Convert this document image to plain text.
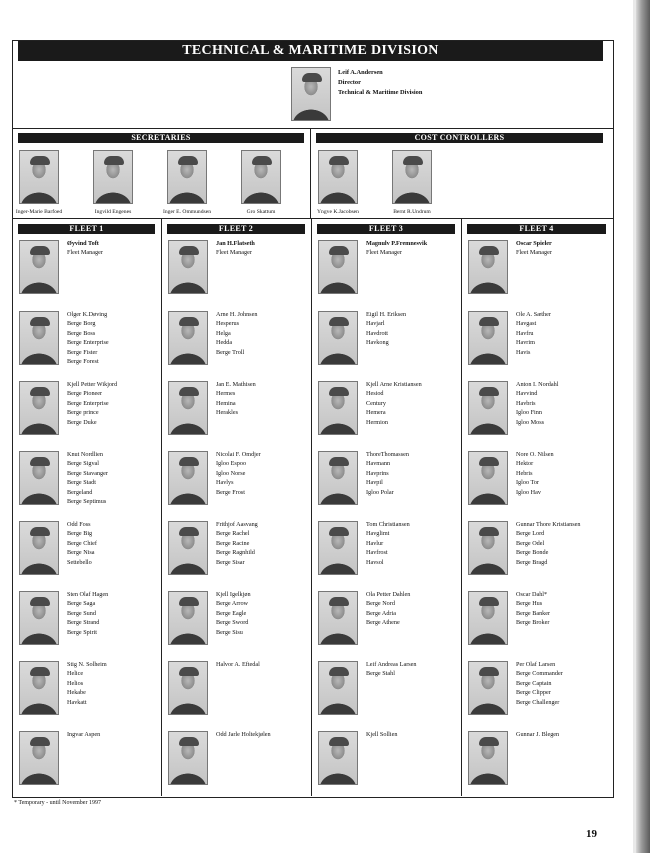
TECHNICAL & MARITIME DIVISION
Leif A.Andersen
Director
Technical & Maritime Division
SECRETARIES	COST CONTROLLERS
Inger-Marie Barfoed	Ingvild Engenes	Inger E. Ommundsen	Gro Skattum	Yngve K.Jacobsen	Bernt R.Undrum
FLEET 1
Øyvind Toft
Fleet Manager
Olger K.Døving
Berge Borg
Berge Boss
Berge Enterprise
Berge Fister
Berge Forest
Kjell Petter Wikjord
Berge Pioneer
Berge Enterprise
Berge prince
Berge Duke
Knut Nordlien
Berge Sigval
Berge Stavanger
Berge Stadt
Bergeland
Berge Septimus
Odd Foss
Berge Big
Berge Chief
Berge Nisa
Settebello
Sten Olaf Hagen
Berge Saga
Berge Sund
Berge Strand
Berge Spirit
Stig N. Solheim
Helice
Helios
Hekabe
Havkatt
Ingvar Aspen
FLEET 2
Jan H.Flatseth
Fleet Manager
Arne H. Johnsen
Hesperus
Helga
Hedda
Berge Troll
Jan E. Mathisen
Hermes
Hemina
Herakles
Nicolai F. Omdjer
Igloo Espoo
Igloo Norse
Havlys
Berge Frost
Frithjof Aasvang
Berge Rachel
Berge Racine
Berge Ragnhild
Berge Sisar
Kjell Igelkjøn
Berge Arrow
Berge Eagle
Berge Sword
Berge Sisu
Halvor A. Eftedal
Odd Jarle Holtekjølen
FLEET 3
Magnulv P.Fremnesvik
Fleet Manager
Eigil H. Eriksen
Havjarl
Havdrott
Havkong
Kjell Arne Kristiansen
Hesiod
Century
Hemera
Hermion
ThoreThomassen
Havmann
Havprins
Havpil
Igloo Polar
Tom Christiansen
Havglimt
Havlur
Havfrost
Havsol
Ola Petter Dahlen
Berge Nord
Berge Adria
Berge Athene
Leif Andreas Larsen
Berge Stahl
Kjell Sollien
FLEET 4
Oscar Spieler
Fleet Manager
Ole A. Sæther
Havgast
Havfru
Havrim
Havis
Anton I. Nordahl
Havvind
Havbris
Igloo Finn
Igloo Moss
Nore O. Nilsen
Hektor
Hebris
Igloo Tor
Igloo Hav
Gunnar Thore Kristiansen
Berge Lord
Berge Odel
Berge Bonde
Berge Bragd
Oscar Dahl*
Berge Hus
Berge Banker
Berge Broker
Per Olaf Larsen
Berge Commander
Berge Captain
Berge Clipper
Berge Challenger
Gunnar J. Blegen
* Temporary - until November 1997
19
